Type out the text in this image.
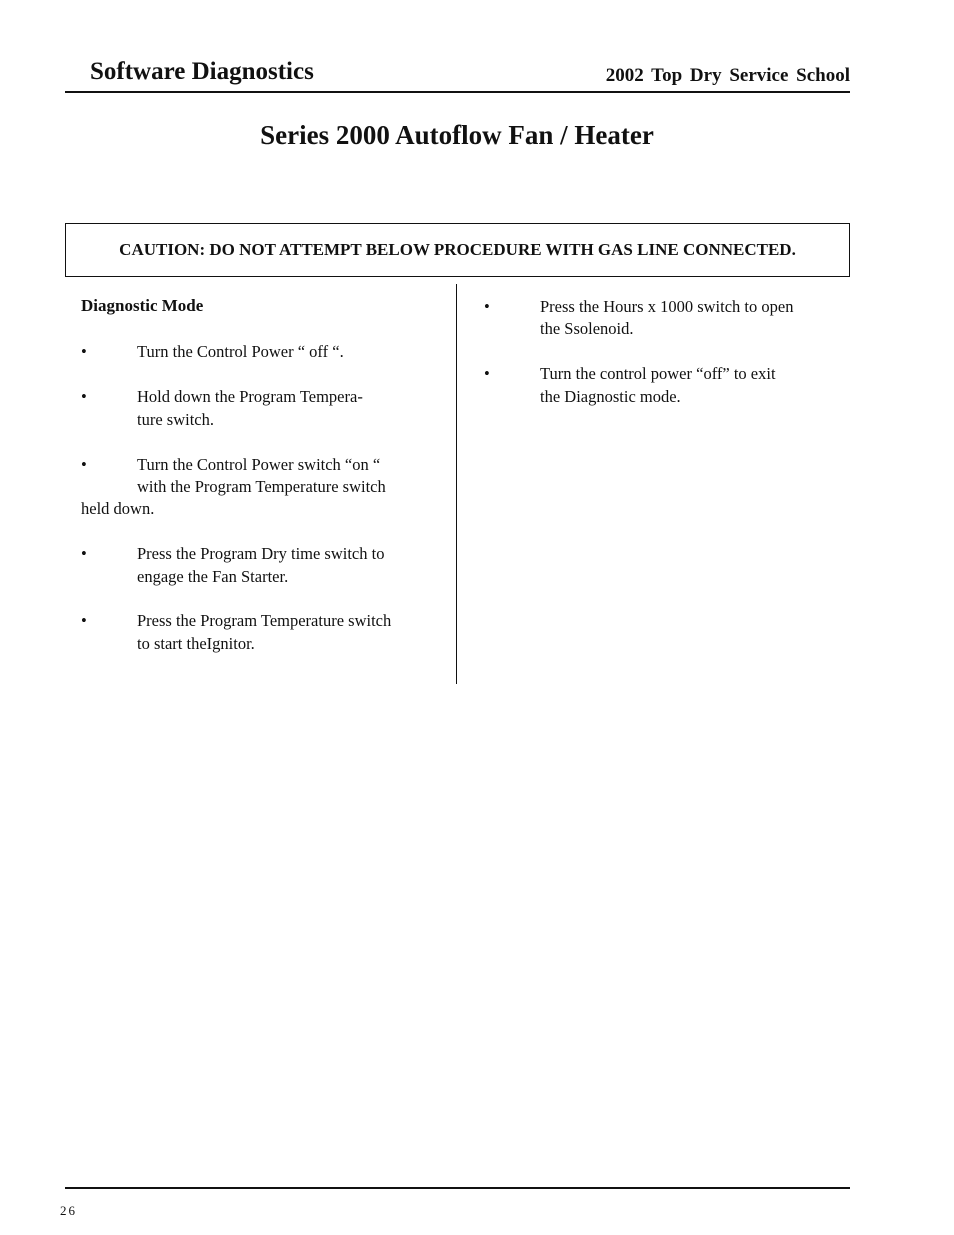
Software Diagnostics	2002 Top Dry Service School
Series 2000 Autoflow Fan / Heater
CAUTION: DO NOT ATTEMPT BELOW PROCEDURE WITH GAS LINE CONNECTED.
Diagnostic Mode
•	Turn the Control Power “ off “.
•	Hold down the Program Tempera-
ture switch.
•	Turn the Control Power switch “on “
with the Program Temperature switch
held down.
•	Press the Program Dry time switch to
engage the Fan Starter.
•	Press the Program Temperature switch
to start theIgnitor.
•	Press the Hours x 1000 switch to open
the Ssolenoid.
•	Turn the control power “off” to exit
the Diagnostic mode.
26
